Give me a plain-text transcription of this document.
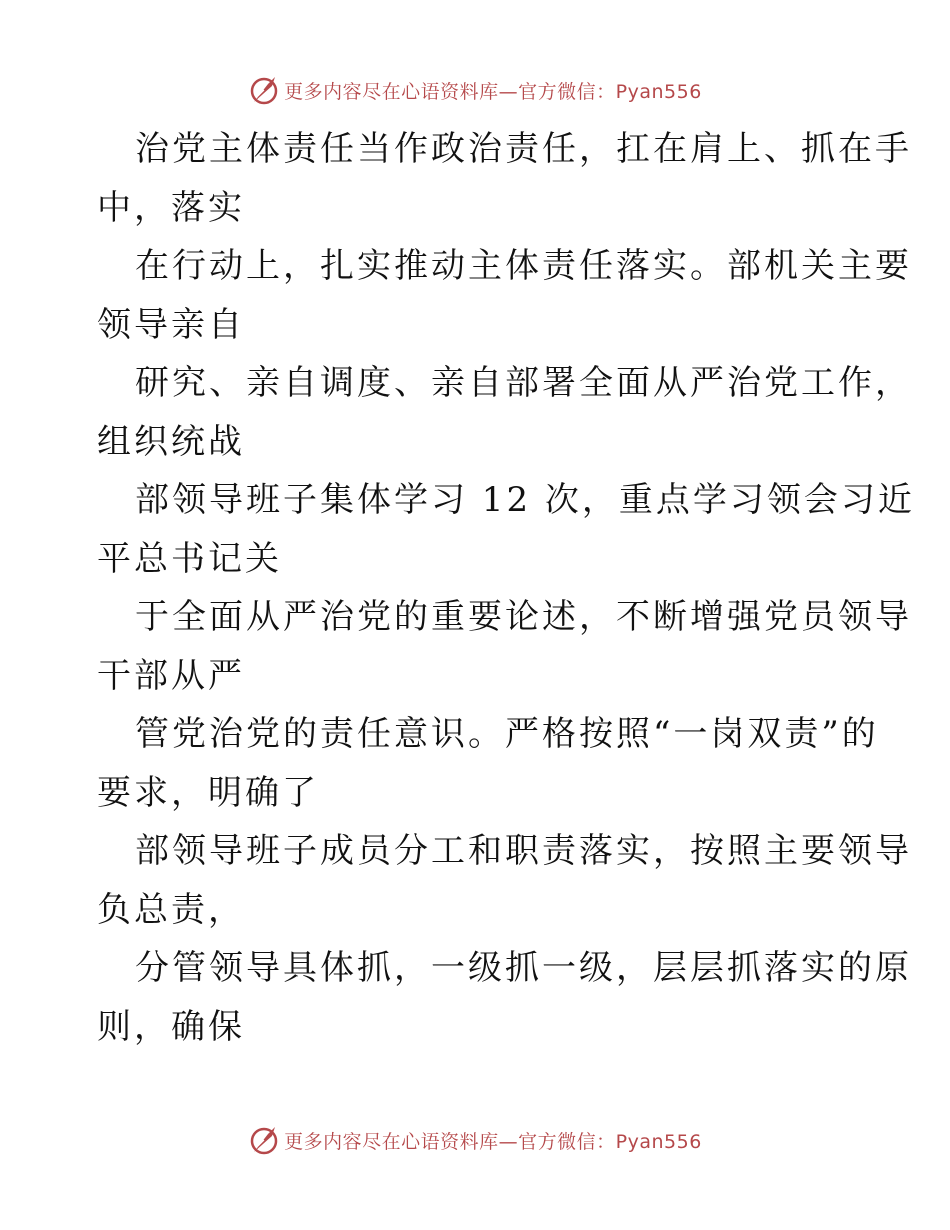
更多内容尽在心语资料库—官方微信：Pyan556
治党主体责任当作政治责任，扛在肩上、抓在手
中，落实
在行动上，扎实推动主体责任落实。部机关主要
领导亲自
研究、亲自调度、亲自部署全面从严治党工作，
组织统战
部领导班子集体学习 12 次，重点学习领会习近
平总书记关
于全面从严治党的重要论述，不断增强党员领导
干部从严
管党治党的责任意识。严格按照“一岗双责”的
要求，明确了
部领导班子成员分工和职责落实，按照主要领导
负总责，
分管领导具体抓，一级抓一级，层层抓落实的原
则，确保
更多内容尽在心语资料库—官方微信：Pyan556
